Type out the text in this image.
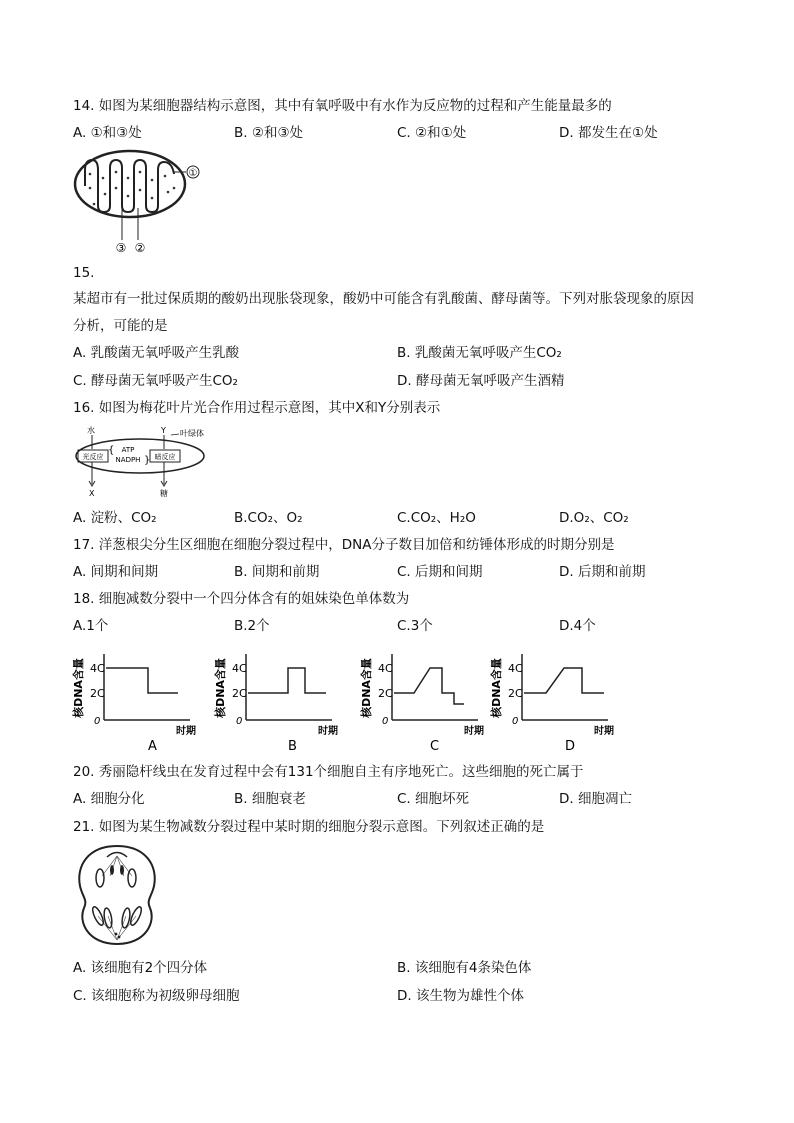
14. 如图为某细胞器结构示意图，其中有氧呼吸中有水作为反应物的过程和产生能量最多的
A. ①和③处	B. ②和③处	C. ②和①处	D. 都发生在①处
①
③ ②
15.
某超市有一批过保质期的酸奶出现胀袋现象，酸奶中可能含有乳酸菌、酵母菌等。下列对胀袋现象的原因
分析，可能的是
A. 乳酸菌无氧呼吸产生乳酸	B. 乳酸菌无氧呼吸产生CO₂
C. 酵母菌无氧呼吸产生CO₂	D. 酵母菌无氧呼吸产生酒精
16. 如图为梅花叶片光合作用过程示意图，其中X和Y分别表示
水	Y 叶绿体
光反应	暗反应
{
}
ATP
NADPH
X	糖
A. 淀粉、CO₂	B.CO₂、O₂	C.CO₂、H₂O	D.O₂、CO₂
17. 洋葱根尖分生区细胞在细胞分裂过程中，DNA分子数目加倍和纺锤体形成的时期分别是
A. 间期和间期	B. 间期和前期	C. 后期和间期	D. 后期和前期
18. 细胞减数分裂中一个四分体含有的姐妹染色单体数为
A.1个	B.2个	C.3个	D.4个
核DNA含量 4C
2C
0
时期
A
核DNA含量 4C
2C
0
时期
B
核DNA含量 4C
2C
0
时期
C
核DNA含量 4C
2C
0
时期
D
20. 秀丽隐杆线虫在发育过程中会有131个细胞自主有序地死亡。这些细胞的死亡属于
A. 细胞分化	B. 细胞衰老	C. 细胞坏死	D. 细胞凋亡
21. 如图为某生物减数分裂过程中某时期的细胞分裂示意图。下列叙述正确的是
A. 该细胞有2个四分体	B. 该细胞有4条染色体
C. 该细胞称为初级卵母细胞	D. 该生物为雄性个体
